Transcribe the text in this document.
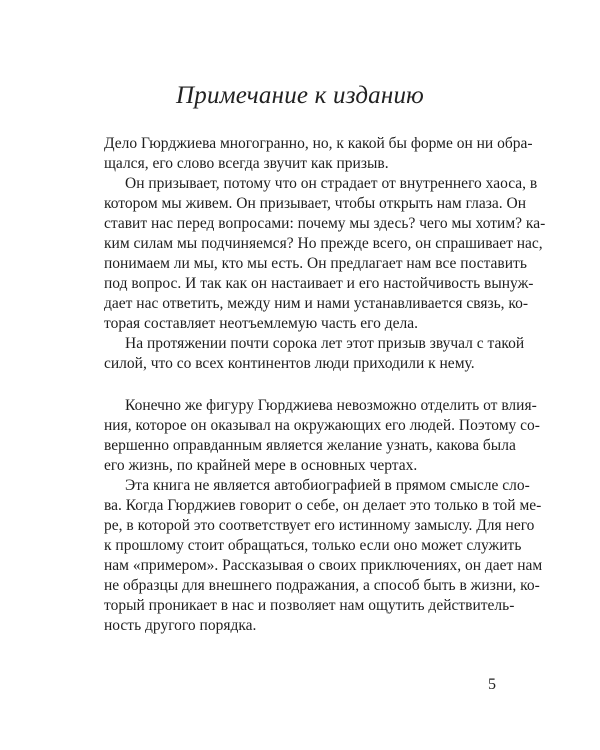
Примечание к изданию
Дело Гюрджиева многогранно, но, к какой бы форме он ни обра-
щался, его слово всегда звучит как призыв.
Он призывает, потому что он страдает от внутреннего хаоса, в
котором мы живем. Он призывает, чтобы открыть нам глаза. Он
ставит нас перед вопросами: почему мы здесь? чего мы хотим? ка-
ким силам мы подчиняемся? Но прежде всего, он спрашивает нас,
понимаем ли мы, кто мы есть. Он предлагает нам все поставить
под вопрос. И так как он настаивает и его настойчивость вынуж-
дает нас ответить, между ним и нами устанавливается связь, ко-
торая составляет неотъемлемую часть его дела.
На протяжении почти сорока лет этот призыв звучал с такой
силой, что со всех континентов люди приходили к нему.
Конечно же фигуру Гюрджиева невозможно отделить от влия-
ния, которое он оказывал на окружающих его людей. Поэтому со-
вершенно оправданным является желание узнать, какова была
его жизнь, по крайней мере в основных чертах.
Эта книга не является автобиографией в прямом смысле сло-
ва. Когда Гюрджиев говорит о себе, он делает это только в той ме-
ре, в которой это соответствует его истинному замыслу. Для него
к прошлому стоит обращаться, только если оно может служить
нам «примером». Рассказывая о своих приключениях, он дает нам
не образцы для внешнего подражания, а способ быть в жизни, ко-
торый проникает в нас и позволяет нам ощутить действитель-
ность другого порядка.
5
